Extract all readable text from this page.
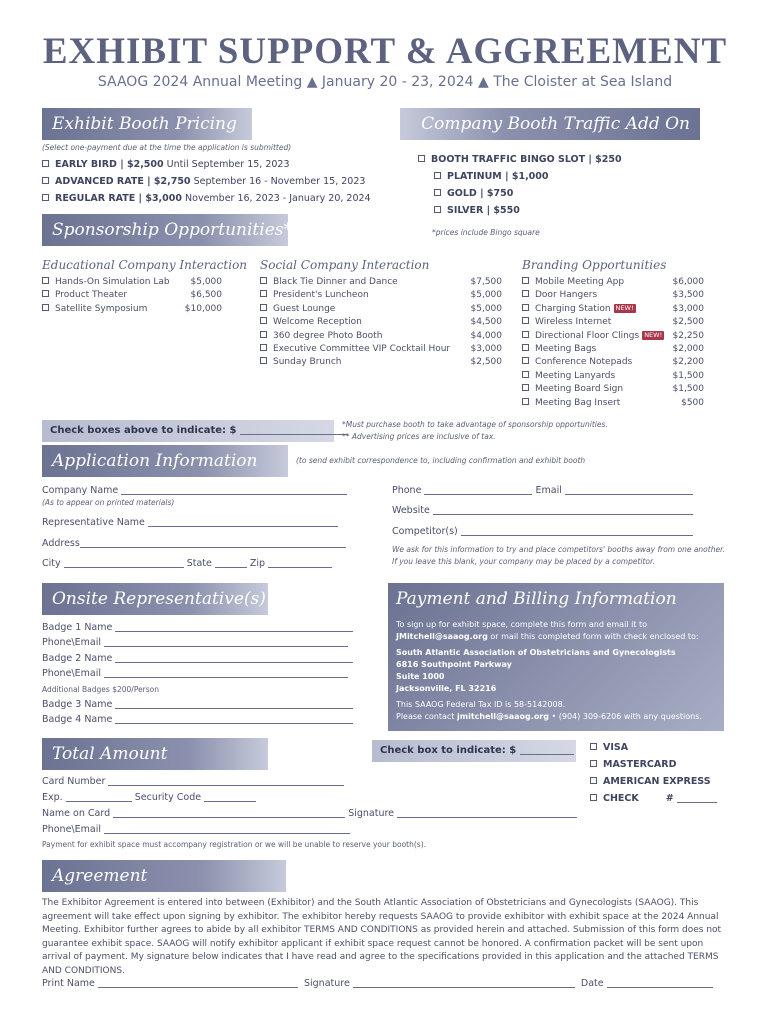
EXHIBIT SUPPORT & AGGREEMENT
SAAOG 2024 Annual Meeting ▲ January 20 - 23, 2024 ▲ The Cloister at Sea Island
Exhibit Booth Pricing
(Select one-payment due at the time the application is submitted)
EARLY BIRD | $2,500 Until September 15, 2023
ADVANCED RATE | $2,750 September 16 - November 15, 2023
REGULAR RATE | $3,000 November 16, 2023 - January 20, 2024
Company Booth Traffic Add On
BOOTH TRAFFIC BINGO SLOT | $250
PLATINUM | $1,000
GOLD | $750
SILVER | $550
*prices include Bingo square
Sponsorship Opportunities*
Educational Company Interaction
Hands-On Simulation Lab	$5,000
Product Theater	$6,500
Satellite Symposium	$10,000
Social Company Interaction
Black Tie Dinner and Dance	$7,500
President's Luncheon	$5,000
Guest Lounge	$5,000
Welcome Reception	$4,500
360 degree Photo Booth	$4,000
Executive Committee VIP Cocktail Hour	$3,000
Sunday Brunch	$2,500
Branding Opportunities
Mobile Meeting App	$6,000
Door Hangers	$3,500
Charging Station NEW!	$3,000
Wireless Internet	$2,500
Directional Floor Clings NEW!	$2,250
Meeting Bags	$2,000
Conference Notepads	$2,200
Meeting Lanyards	$1,500
Meeting Board Sign	$1,500
Meeting Bag Insert	$500
Check boxes above to indicate: $
*Must purchase booth to take advantage of sponsorship opportunities.
** Advertising prices are inclusive of tax.
Application Information	(to send exhibit correspondence to, including confirmation and exhibit booth
Company Name
(As to appear on printed materials)
Representative Name
Address
City	State	Zip
Phone	Email
Website
Competitor(s)
We ask for this information to try and place competitors' booths away from one another.
If you leave this blank, your company may be placed by a competitor.
Onsite Representative(s)
Badge 1 Name
Phone\Email
Badge 2 Name
Phone\Email
Additional Badges $200/Person
Badge 3 Name
Badge 4 Name
Payment and Billing Information
To sign up for exhibit space, complete this form and email it to
JMitchell@saaog.org or mail this completed form with check enclosed to:
South Atlantic Association of Obstetricians and Gynecologists
6816 Southpoint Parkway
Suite 1000
Jacksonville, FL 32216
This SAAOG Federal Tax ID is 58-5142008.
Please contact jmitchell@saaog.org • (904) 309-6206 with any questions.
Total Amount	Check box to indicate: $	VISA
MASTERCARD
AMERICAN EXPRESS
CHECK	#
Card Number
Exp.	Security Code
Name on Card	Signature
Phone\Email
Payment for exhibit space must accompany registration or we will be unable to reserve your booth(s).
Agreement
The Exhibitor Agreement is entered into between (Exhibitor) and the South Atlantic Association of Obstetricians and Gynecologists (SAAOG). This agreement will take effect upon signing by exhibitor. The exhibitor hereby requests SAAOG to provide exhibitor with exhibit space at the 2024 Annual Meeting. Exhibitor further agrees to abide by all exhibitor TERMS AND CONDITIONS as provided herein and attached. Submission of this form does not guarantee exhibit space. SAAOG will notify exhibitor applicant if exhibit space request cannot be honored. A confirmation packet will be sent upon arrival of payment. My signature below indicates that I have read and agree to the specifications provided in this application and the attached TERMS AND CONDITIONS.
Print Name	Signature	Date
